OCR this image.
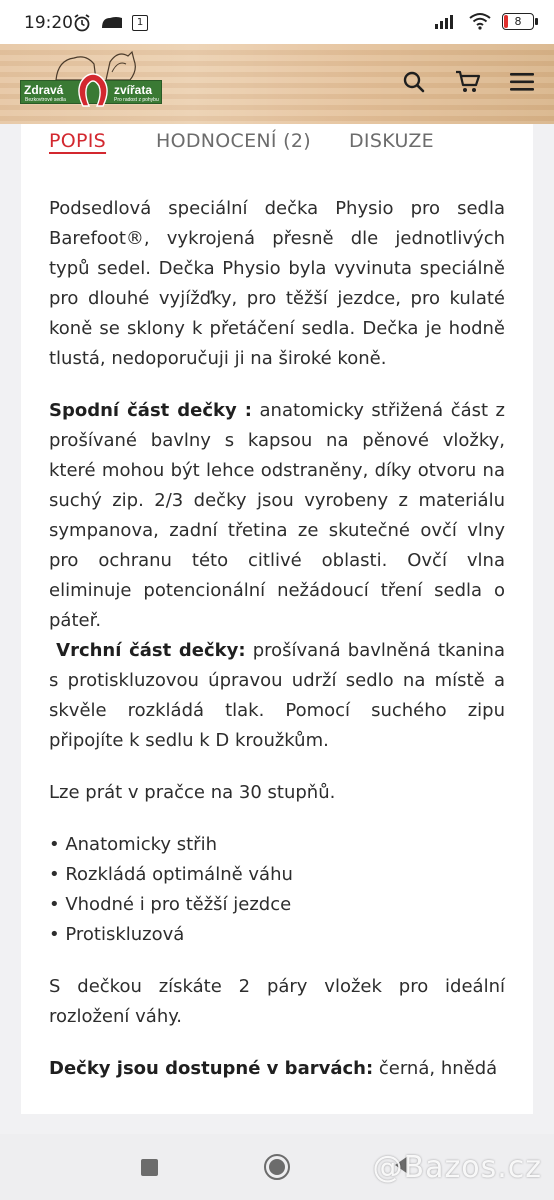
19:20	1	8
Zdravá	zvířata
Bezkovtrové sedla	Pro radost z pohybu
POPIS	HODNOCENÍ (2) DISKUZE

Podsedlová speciální dečka Physio pro sedla Barefoot®, vykrojená přesně dle jednotlivých typů sedel. Dečka Physio byla vyvinuta speciálně pro dlouhé vyjížďky, pro těžší jezdce, pro kulaté koně se sklony k přetáčení sedla. Dečka je hodně tlustá, nedoporučuji ji na široké koně.

Spodní část dečky : anatomicky střižená část z prošívané bavlny s kapsou na pěnové vložky, které mohou být lehce odstraněny, díky otvoru na suchý zip. 2/3 dečky jsou vyrobeny z materiálu sympanova, zadní třetina ze skutečné ovčí vlny pro ochranu této citlivé oblasti. Ovčí vlna eliminuje potencionální nežádoucí tření sedla o páteř.

Vrchní část dečky: prošívaná bavlněná tkanina s protiskluzovou úpravou udrží sedlo na místě a skvěle rozkládá tlak. Pomocí suchého zipu připojíte k sedlu k D kroužkům.

Lze prát v pračce na 30 stupňů.

• Anatomicky střih

• Rozkládá optimálně váhu

• Vhodné i pro těžší jezdce

• Protiskluzová

S dečkou získáte 2 páry vložek pro ideální rozložení váhy.

Dečky jsou dostupné v barvách: černá, hnědá

@Bazos.cz
